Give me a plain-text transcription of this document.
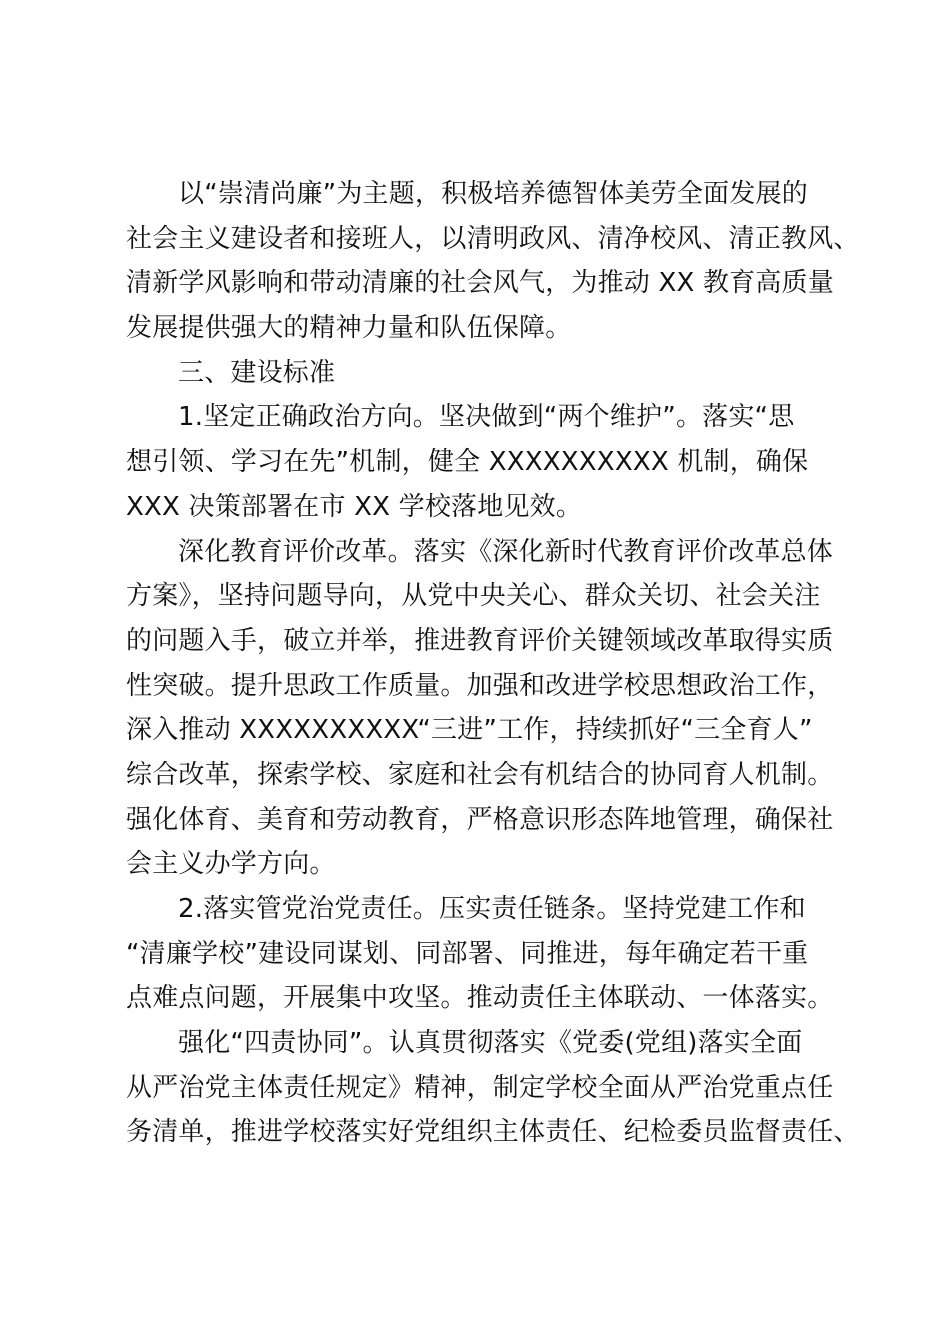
以“崇清尚廉”为主题，积极培养德智体美劳全面发展的
社会主义建设者和接班人，以清明政风、清净校风、清正教风、
清新学风影响和带动清廉的社会风气，为推动 XX 教育高质量
发展提供强大的精神力量和队伍保障。
三、建设标准
1.坚定正确政治方向。坚决做到“两个维护”。落实“思
想引领、学习在先”机制，健全 XXXXXXXXXX 机制，确保
XXX 决策部署在市 XX 学校落地见效。
深化教育评价改革。落实《深化新时代教育评价改革总体
方案》，坚持问题导向，从党中央关心、群众关切、社会关注
的问题入手，破立并举，推进教育评价关键领域改革取得实质
性突破。提升思政工作质量。加强和改进学校思想政治工作，
深入推动 XXXXXXXXXX“三进”工作，持续抓好“三全育人”
综合改革，探索学校、家庭和社会有机结合的协同育人机制。
强化体育、美育和劳动教育，严格意识形态阵地管理，确保社
会主义办学方向。
2.落实管党治党责任。压实责任链条。坚持党建工作和
“清廉学校”建设同谋划、同部署、同推进，每年确定若干重
点难点问题，开展集中攻坚。推动责任主体联动、一体落实。
强化“四责协同”。认真贯彻落实《党委(党组)落实全面
从严治党主体责任规定》精神，制定学校全面从严治党重点任
务清单，推进学校落实好党组织主体责任、纪检委员监督责任、
